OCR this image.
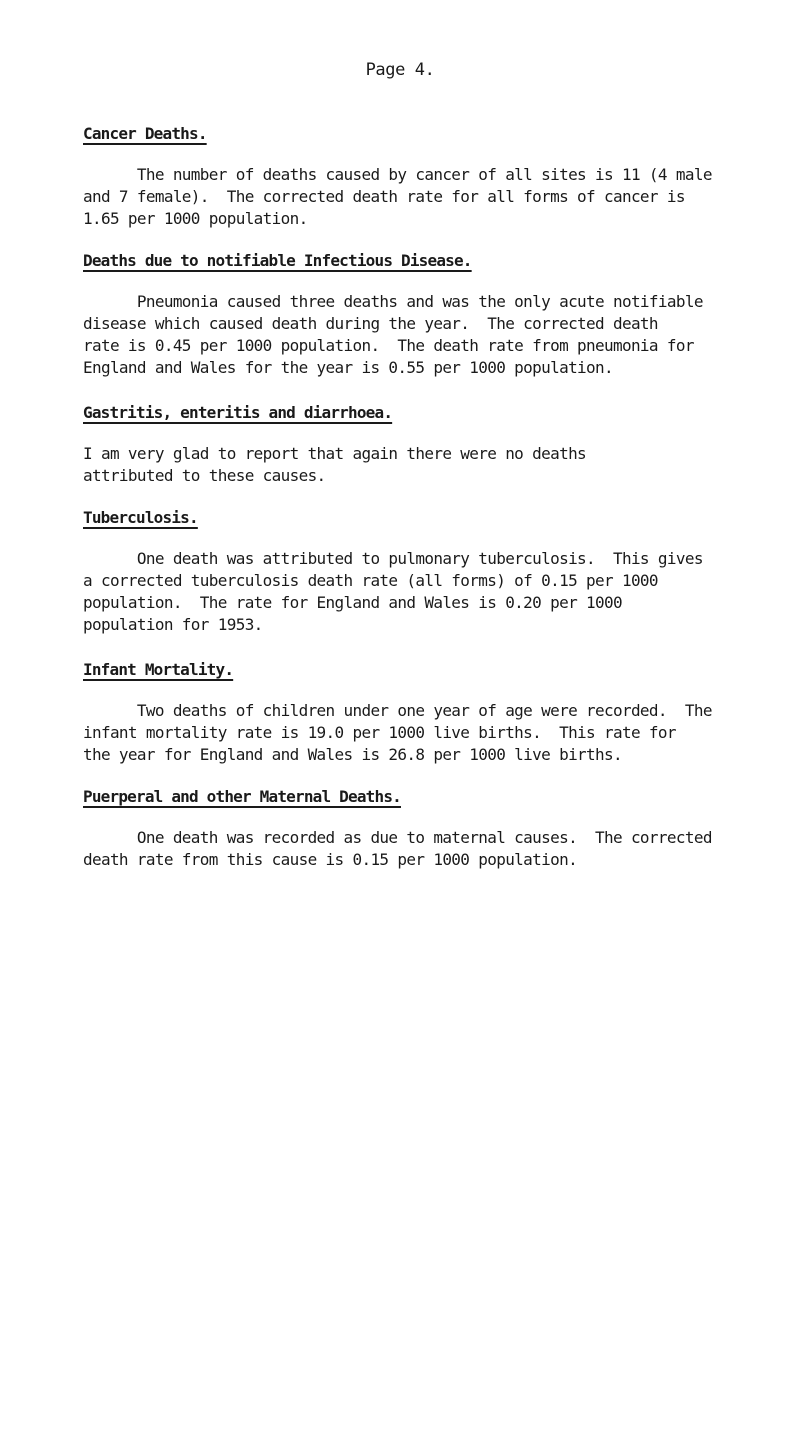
Page 4.
Cancer Deaths.

The number of deaths caused by cancer of all sites is 11 (4 male
and 7 female).  The corrected death rate for all forms of cancer is
1.65 per 1000 population.

Deaths due to notifiable Infectious Disease.

Pneumonia caused three deaths and was the only acute notifiable
disease which caused death during the year.  The corrected death
rate is 0.45 per 1000 population.  The death rate from pneumonia for
England and Wales for the year is 0.55 per 1000 population.

Gastritis, enteritis and diarrhoea.

I am very glad to report that again there were no deaths
attributed to these causes.

Tuberculosis.

One death was attributed to pulmonary tuberculosis.  This gives
a corrected tuberculosis death rate (all forms) of 0.15 per 1000
population.  The rate for England and Wales is 0.20 per 1000
population for 1953.

Infant Mortality.

Two deaths of children under one year of age were recorded.  The
infant mortality rate is 19.0 per 1000 live births.  This rate for
the year for England and Wales is 26.8 per 1000 live births.

Puerperal and other Maternal Deaths.

One death was recorded as due to maternal causes.  The corrected
death rate from this cause is 0.15 per 1000 population.
